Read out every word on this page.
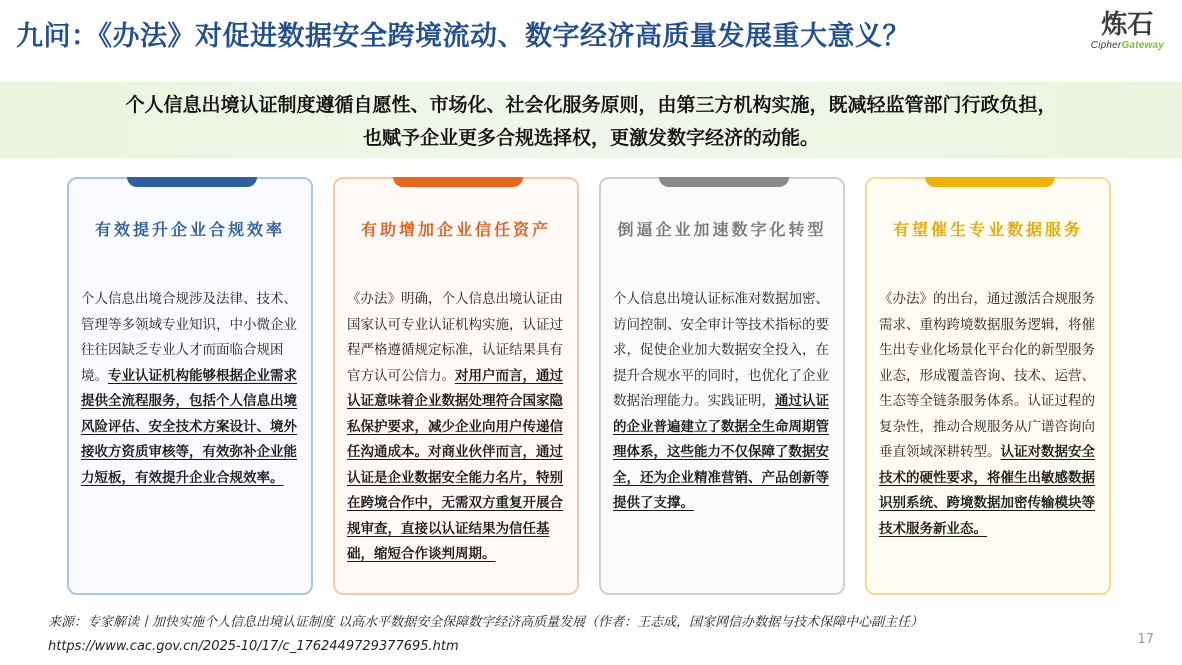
九问：《办法》对促进数据安全跨境流动、数字经济高质量发展重大意义？	炼石
CipherGateway
个人信息出境认证制度遵循自愿性、市场化、社会化服务原则，由第三方机构实施，既减轻监管部门行政负担，
也赋予企业更多合规选择权，更激发数字经济的动能。
有效提升企业合规效率
个人信息出境合规涉及法律、技术、管理等多领域专业知识，中小微企业往往因缺乏专业人才而面临合规困境。专业认证机构能够根据企业需求提供全流程服务，包括个人信息出境风险评估、安全技术方案设计、境外接收方资质审核等，有效弥补企业能力短板，有效提升企业合规效率。
有助增加企业信任资产
《办法》明确，个人信息出境认证由国家认可专业认证机构实施，认证过程严格遵循规定标准，认证结果具有官方认可公信力。对用户而言，通过认证意味着企业数据处理符合国家隐私保护要求，减少企业向用户传递信任沟通成本。对商业伙伴而言，通过认证是企业数据安全能力名片，特别在跨境合作中，无需双方重复开展合规审查，直接以认证结果为信任基础，缩短合作谈判周期。
倒逼企业加速数字化转型
个人信息出境认证标准对数据加密、访问控制、安全审计等技术指标的要求，促使企业加大数据安全投入，在提升合规水平的同时，也优化了企业数据治理能力。实践证明，通过认证的企业普遍建立了数据全生命周期管理体系，这些能力不仅保障了数据安全，还为企业精准营销、产品创新等提供了支撑。
有望催生专业数据服务
《办法》的出台，通过激活合规服务需求、重构跨境数据服务逻辑，将催生出专业化场景化平台化的新型服务业态，形成覆盖咨询、技术、运营、生态等全链条服务体系。认证过程的复杂性，推动合规服务从广谱咨询向垂直领域深耕转型。认证对数据安全技术的硬性要求，将催生出敏感数据识别系统、跨境数据加密传输模块等技术服务新业态。
来源：专家解读丨加快实施个人信息出境认证制度 以高水平数据安全保障数字经济高质量发展（作者：王志成，国家网信办数据与技术保障中心副主任）
https://www.cac.gov.cn/2025-10/17/c_1762449729377695.htm	17
